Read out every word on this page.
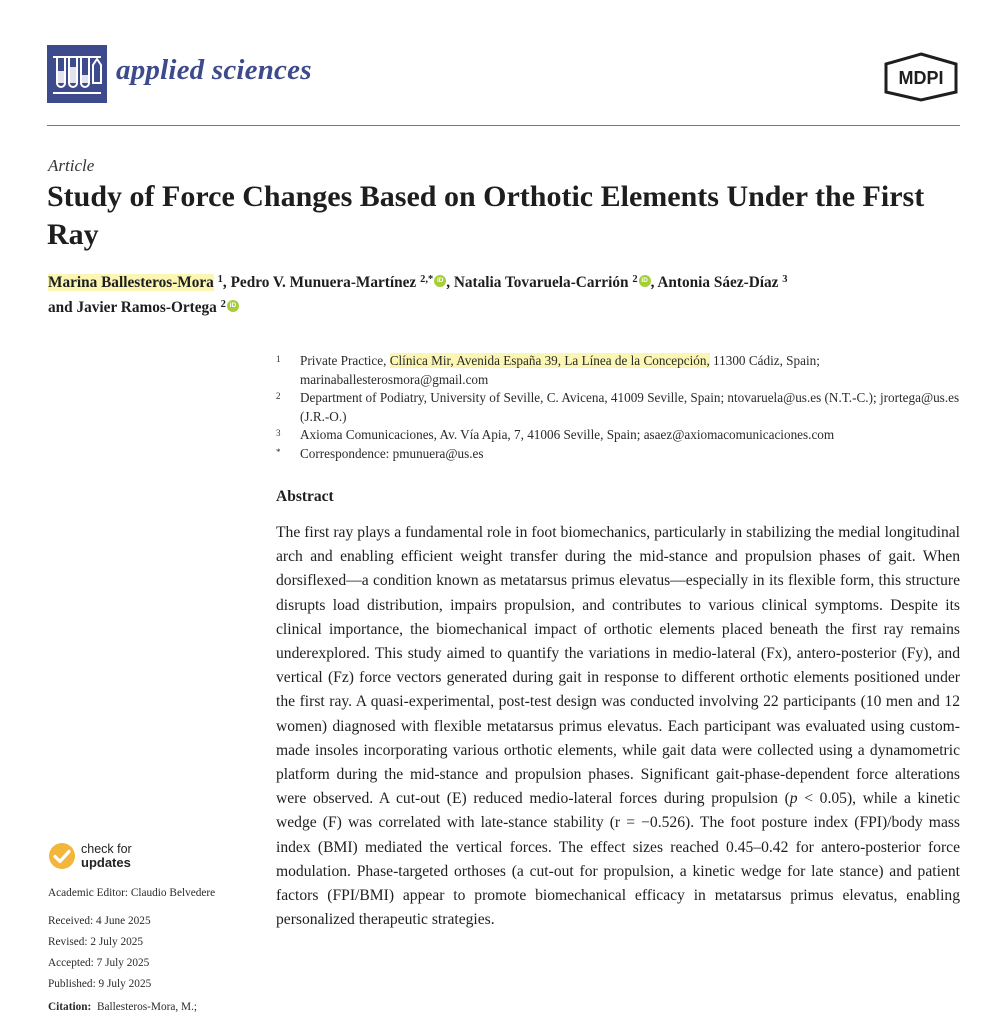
applied sciences	MDPI
Article
Study of Force Changes Based on Orthotic Elements Under the First Ray
Marina Ballesteros-Mora $^1$, Pedro V. Munuera-Martínez $^{2,*}$ iD , Natalia Tovaruela-Carrión $^2$ iD , Antonia Sáez-Díaz $^3$
and Javier Ramos-Ortega $^2$ iD
1	Private Practice, Clínica Mir, Avenida España 39, La Línea de la Concepción, 11300 Cádiz, Spain; marinaballesterosmora@gmail.com
2	Department of Podiatry, University of Seville, C. Avicena, 41009 Seville, Spain; ntovaruela@us.es (N.T.-C.); jrortega@us.es (J.R.-O.)
3	Axioma Comunicaciones, Av. Vía Apia, 7, 41006 Seville, Spain; asaez@axiomacomunicaciones.com
*	Correspondence: pmunuera@us.es
Abstract

The first ray plays a fundamental role in foot biomechanics, particularly in stabilizing the medial longitudinal arch and enabling efficient weight transfer during the mid-stance and propulsion phases of gait. When dorsiflexed—a condition known as metatarsus primus elevatus—especially in its flexible form, this structure disrupts load distribution, impairs propulsion, and contributes to various clinical symptoms. Despite its clinical importance, the biomechanical impact of orthotic elements placed beneath the first ray remains underexplored. This study aimed to quantify the variations in medio-lateral (Fx), antero-posterior (Fy), and vertical (Fz) force vectors generated during gait in response to different orthotic elements positioned under the first ray. A quasi-experimental, post-test design was conducted involving 22 participants (10 men and 12 women) diagnosed with flexible metatarsus primus elevatus. Each participant was evaluated using custom-made insoles incorporating various orthotic elements, while gait data were collected using a dynamometric platform during the mid-stance and propulsion phases. Significant gait-phase-dependent force alterations were observed. A cut-out (E) reduced medio-lateral forces during propulsion (p < 0.05), while a kinetic wedge (F) was correlated with late-stance stability (r = −0.526). The foot posture index (FPI)/body mass index (BMI) mediated the vertical forces. The effect sizes reached 0.45–0.42 for antero-posterior force modulation. Phase-targeted orthoses (a cut-out for propulsion, a kinetic wedge for late stance) and patient factors (FPI/BMI) appear to promote biomechanical efficacy in metatarsus primus elevatus, enabling personalized therapeutic strategies.

check for
updates
Academic Editor: Claudio Belvedere
Received: 4 June 2025
Revised: 2 July 2025
Accepted: 7 July 2025
Published: 9 July 2025
Citation: Ballesteros-Mora, M.;
